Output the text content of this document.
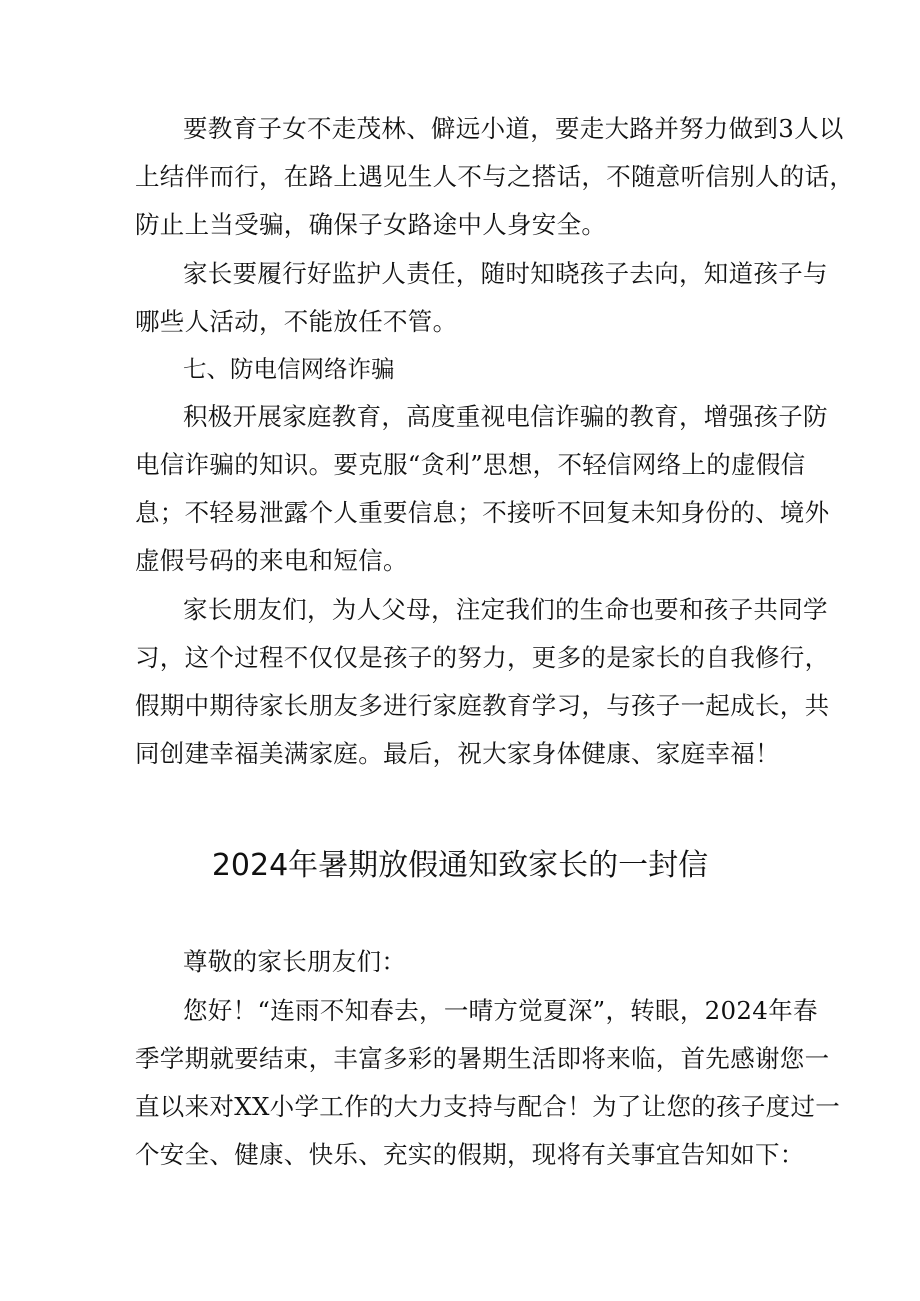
要教育子女不走茂林、僻远小道，要走大路并努力做到3人以
上结伴而行，在路上遇见生人不与之搭话，不随意听信别人的话，
防止上当受骗，确保子女路途中人身安全。
家长要履行好监护人责任，随时知晓孩子去向，知道孩子与
哪些人活动，不能放任不管。
七、防电信网络诈骗
积极开展家庭教育，高度重视电信诈骗的教育，增强孩子防
电信诈骗的知识。要克服“贪利”思想，不轻信网络上的虚假信
息；不轻易泄露个人重要信息；不接听不回复未知身份的、境外
虚假号码的来电和短信。
家长朋友们，为人父母，注定我们的生命也要和孩子共同学
习，这个过程不仅仅是孩子的努力，更多的是家长的自我修行，
假期中期待家长朋友多进行家庭教育学习，与孩子一起成长，共
同创建幸福美满家庭。最后，祝大家身体健康、家庭幸福！
2024年暑期放假通知致家长的一封信
尊敬的家长朋友们：
您好！“连雨不知春去，一晴方觉夏深”，转眼，2024年春
季学期就要结束，丰富多彩的暑期生活即将来临，首先感谢您一
直以来对XX小学工作的大力支持与配合！为了让您的孩子度过一
个安全、健康、快乐、充实的假期，现将有关事宜告知如下：
